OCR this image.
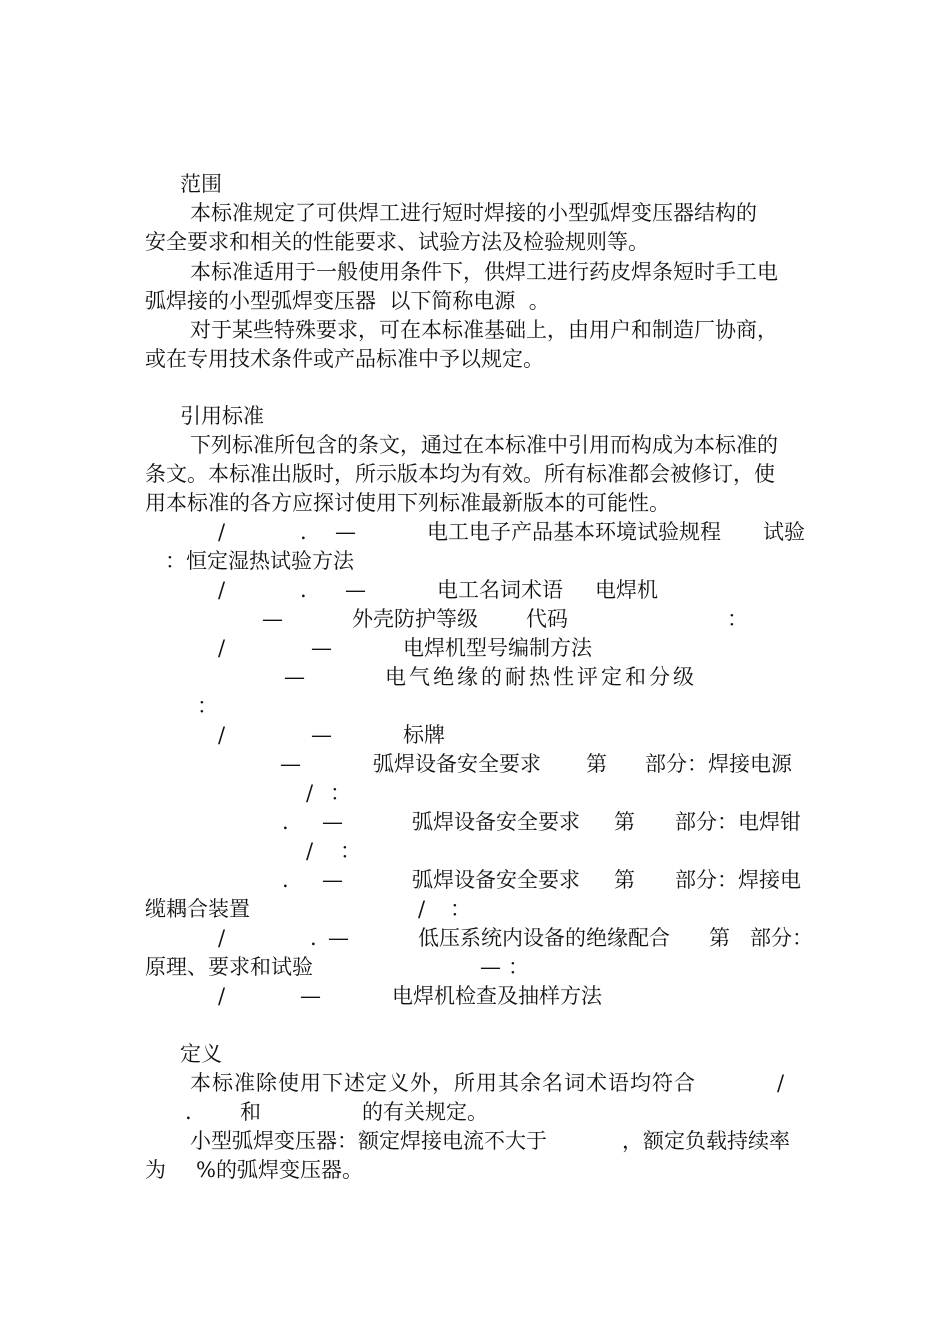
范围
本标准规定了可供焊工进行短时焊接的小型弧焊变压器结构的
安全要求和相关的性能要求、试验方法及检验规则等。
本标准适用于一般使用条件下，供焊工进行药皮焊条短时手工电
弧焊接的小型弧焊变压器  以下简称电源  。
对于某些特殊要求，可在本标准基础上，由用户和制造厂协商，
或在专用技术条件或产品标准中予以规定。
引用标准
下列标准所包含的条文，通过在本标准中引用而构成为本标准的
条文。本标准出版时，所示版本均为有效。所有标准都会被修订，使
用本标准的各方应探讨使用下列标准最新版本的可能性。
/	. —	电工电子产品基本环境试验规程 试验
：恒定湿热试验方法
/	. —	电工名词术语 电焊机
—	外壳防护等级 代码	：
/	—	电焊机型号编制方法
—	电气绝缘的耐热性评定和分级
：
/	—	标牌
—	弧焊设备安全要求 第 部分：焊接电源
/ ：
. —	弧焊设备安全要求 第 部分：电焊钳
/ ：
. —	弧焊设备安全要求 第 部分：焊接电
缆耦合装置	/ ：
/	. —	低压系统内设备的绝缘配合 第 部分：
原理、要求和试验	— ：
/	—	电焊机检查及抽样方法
定义
本标准除使用下述定义外，所用其余名词术语均符合	/
. 和	的有关规定。
小型弧焊变压器：额定焊接电流不大于	，额定负载持续率
为 %的弧焊变压器。
